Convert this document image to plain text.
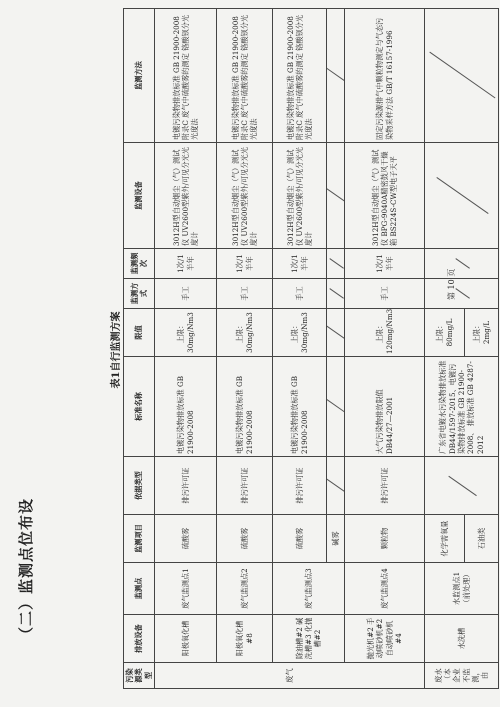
（二）监测点位布设
第 10 页
表1自行监测方案
污染源类型	排放设备	监测点	监测项目	依据类型	标准名称	限值	监测方式	监测频次	监测设备	监测方法
废气	阳极氧化槽	废气监测点1	硫酸雾	排污许可证	电镀污染物排放标准 GB 21900-2008	上限：30mg/Nm3	手工	1次/1半年	3012H型自动烟尘（气）测试仪 UV2600型紫外/可见分光光度计	电镀污染物排放标准 GB 21900-2008 附录C 废气中硫酸雾的测定 铬酸钡分光光度法
	阳极氧化槽#8	废气监测点2	硫酸雾	排污许可证	电镀污染物排放标准 GB 21900-2008	上限：30mg/Nm3	手工	1次/1半年	3012H型自动烟尘（气）测试仪 UV2600型紫外/可见分光光度计	电镀污染物排放标准 GB 21900-2008 附录C 废气中硫酸雾的测定 铬酸钡分光光度法
	除油槽#2 碱洗槽#3 化抛槽#2	废气监测点3	硫酸雾	排污许可证	电镀污染物排放标准 GB 21900-2008	上限：30mg/Nm3	手工	1次/1半年	3012H型自动烟尘（气）测试仪 UV2600型紫外/可见分光光度计	电镀污染物排放标准 GB 21900-2008 附录C 废气中硫酸雾的测定 铬酸钡分光光度法
			碱雾							
	抛光机#2 手动喷砂机#2 自动喷砂机#4	废气监测点4	颗粒物	排污许可证	大气污染物排放限值 DB44/27—2001	上限：120mg/Nm3	手工	1次/1半年	3012H型自动烟尘（气）测试仪 BPG-9040A精密鼓风干燥箱 BS224S-CW型电子天平	固定污染源排气中颗粒物测定与气态污染物采样方法 GB/T 16157-1996
废水（本企业不监测，由	水洗槽	水监测点1（前处理）	化学需氧量		广东省电镀水污染物排放标准 DB44/1597-2015、电镀污染物排放标准 GB 21900-2008、 排放标准 GB 4287-2012	上限：80mg/L				
			石油类			上限：2mg/L				
